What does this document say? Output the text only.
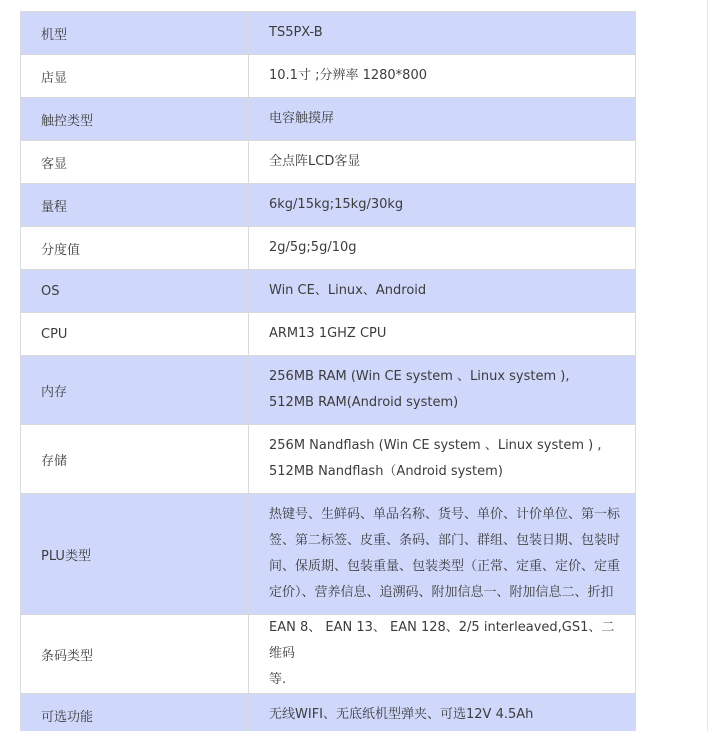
机型	TS5PX-B
店显	10.1寸 ;分辨率 1280*800
触控类型	电容触摸屏
客显	全点阵LCD客显
量程	6kg/15kg;15kg/30kg
分度值	2g/5g;5g/10g
OS	Win CE、Linux、Android
CPU	ARM13 1GHZ CPU
内存	256MB RAM (Win CE system 、Linux system ),
512MB RAM(Android system)

存储	256M Nandflash (Win CE system 、Linux system ) ,
512MB Nandflash（Android system)

PLU类型	热键号、生鲜码、单品名称、货号、单价、计价单位、第一标
签、第二标签、皮重、条码、部门、群组、包装日期、包装时
间、保质期、包装重量、包装类型（正常、定重、定价、定重
定价）、营养信息、追溯码、附加信息一、附加信息二、折扣

条码类型	EAN 8、 EAN 13、 EAN 128、2/5 interleaved,GS1、二维码
等.

可选功能	无线WIFI、无底纸机型弹夹、可选12V 4.5Ah
